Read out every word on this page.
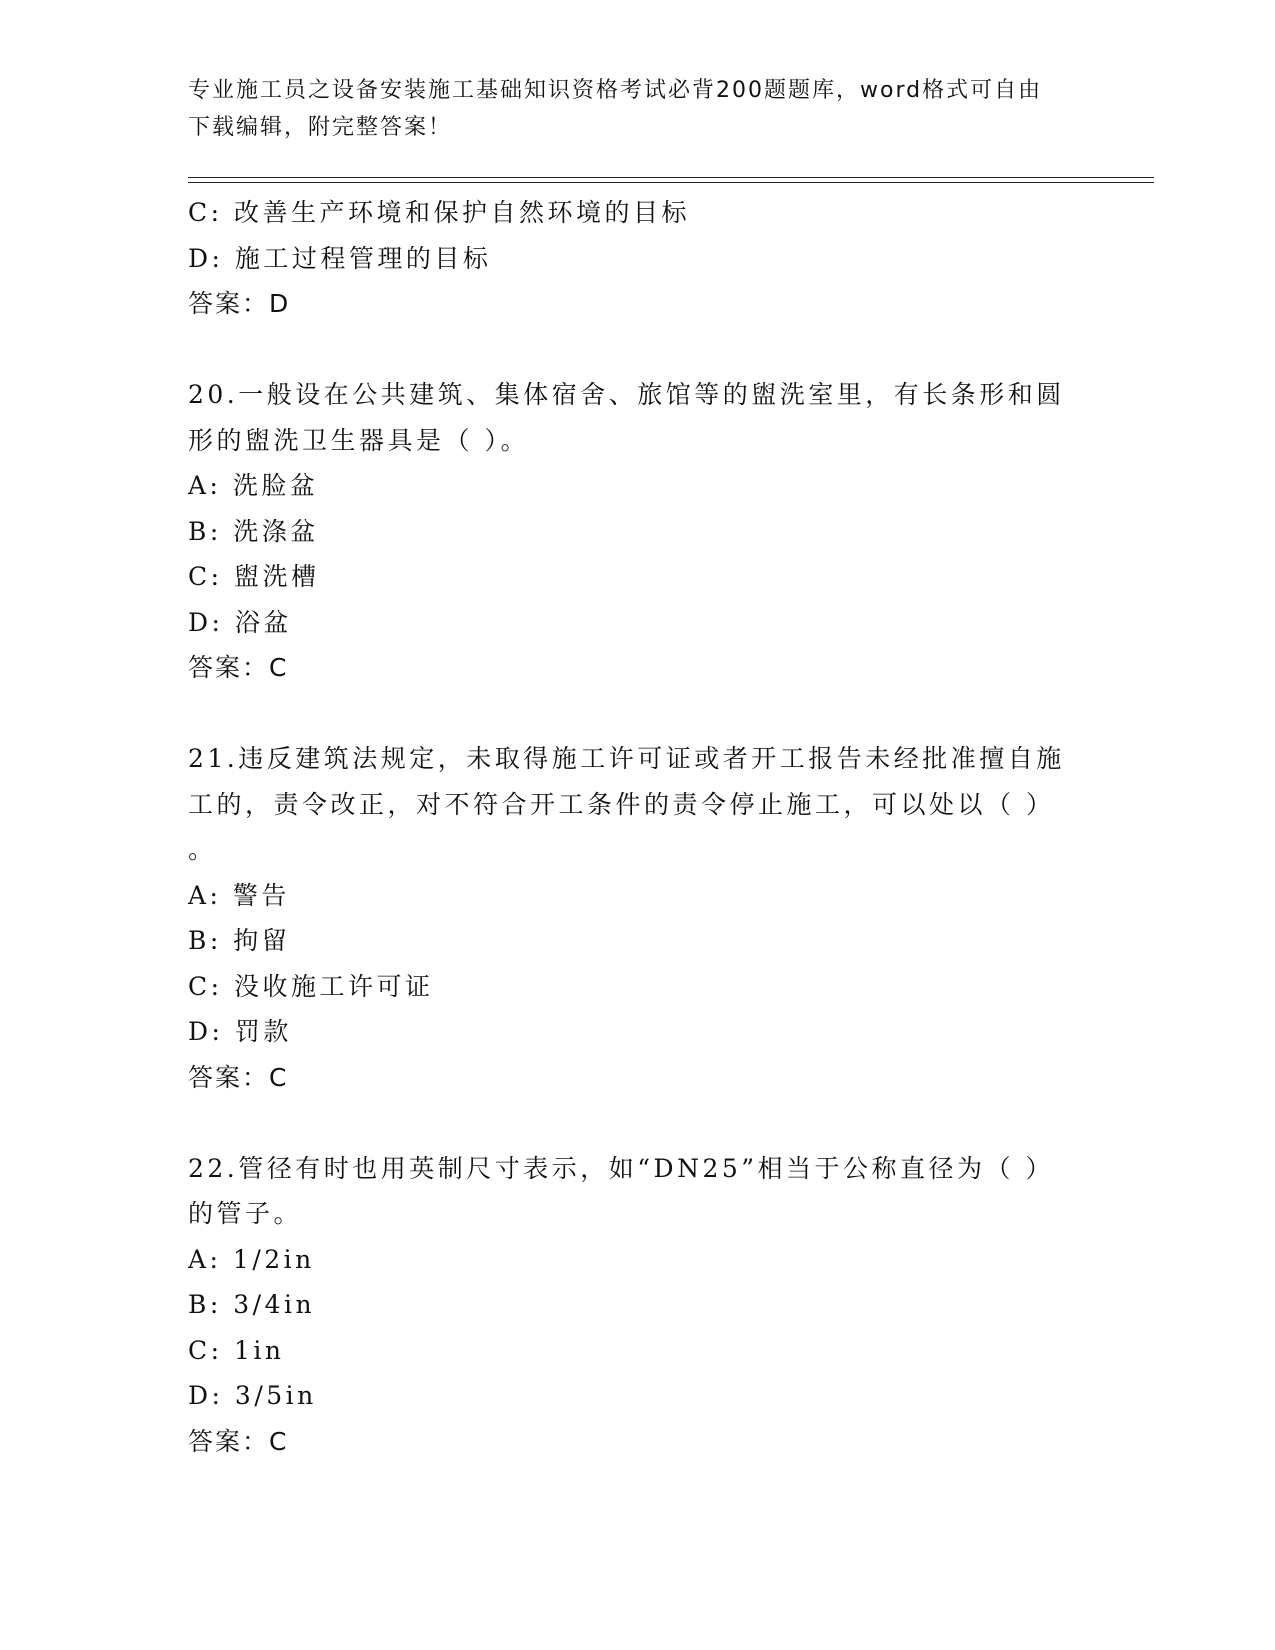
专业施工员之设备安装施工基础知识资格考试必背200题题库，word格式可自由
下载编辑，附完整答案！
C: 改善生产环境和保护自然环境的目标
D: 施工过程管理的目标
答案：D
20.一般设在公共建筑、集体宿舍、旅馆等的盥洗室里，有长条形和圆
形的盥洗卫生器具是（ ）。
A: 洗脸盆
B: 洗涤盆
C: 盥洗槽
D: 浴盆
答案：C
21.违反建筑法规定，未取得施工许可证或者开工报告未经批准擅自施
工的，责令改正，对不符合开工条件的责令停止施工，可以处以（ ）
。
A: 警告
B: 拘留
C: 没收施工许可证
D: 罚款
答案：C
22.管径有时也用英制尺寸表示，如“DN25”相当于公称直径为（ ）
的管子。
A: 1/2in
B: 3/4in
C: 1in
D: 3/5in
答案：C
